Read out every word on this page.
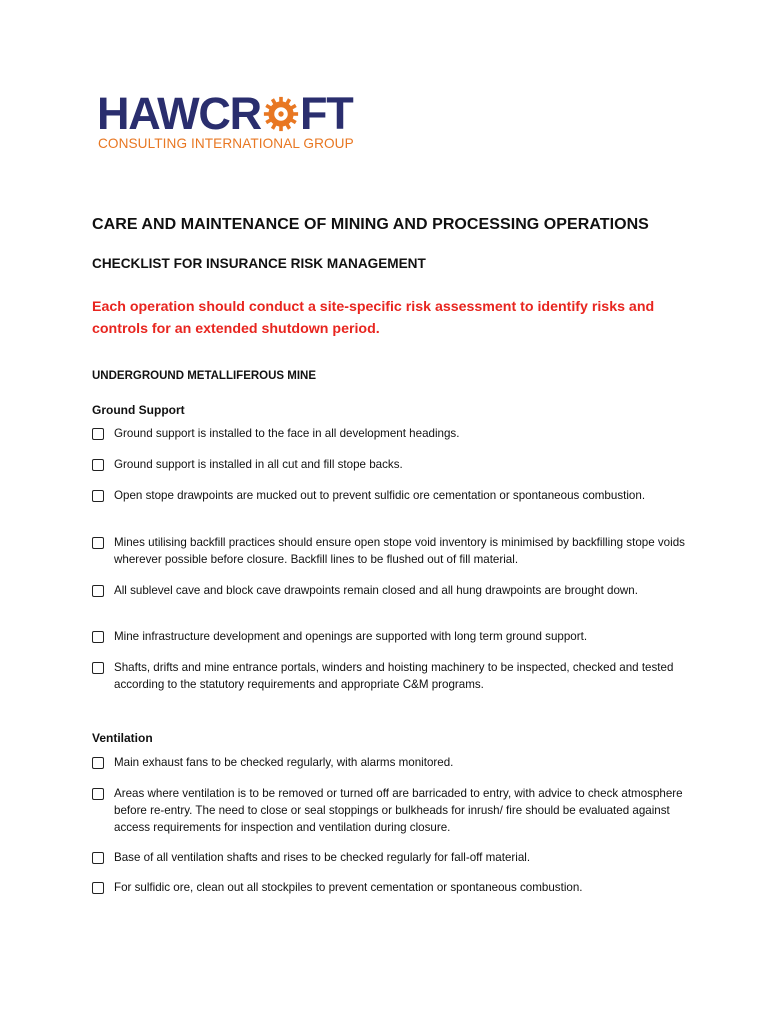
HAWCR FT
CONSULTING INTERNATIONAL GROUP
CARE AND MAINTENANCE OF MINING AND PROCESSING OPERATIONS
CHECKLIST FOR INSURANCE RISK MANAGEMENT

Each operation should conduct a site-specific risk assessment to identify risks and controls for an extended shutdown period.

UNDERGROUND METALLIFEROUS MINE
Ground Support
Ground support is installed to the face in all development headings.
Ground support is installed in all cut and fill stope backs.
Open stope drawpoints are mucked out to prevent sulfidic ore cementation or spontaneous combustion.
Mines utilising backfill practices should ensure open stope void inventory is minimised by backfilling stope voids wherever possible before closure. Backfill lines to be flushed out of fill material.
All sublevel cave and block cave drawpoints remain closed and all hung drawpoints are brought down.
Mine infrastructure development and openings are supported with long term ground support.
Shafts, drifts and mine entrance portals, winders and hoisting machinery to be inspected, checked and tested according to the statutory requirements and appropriate C&M programs.
Ventilation
Main exhaust fans to be checked regularly, with alarms monitored.
Areas where ventilation is to be removed or turned off are barricaded to entry, with advice to check atmosphere before re-entry. The need to close or seal stoppings or bulkheads for inrush/ fire should be evaluated against access requirements for inspection and ventilation during closure.
Base of all ventilation shafts and rises to be checked regularly for fall-off material.
For sulfidic ore, clean out all stockpiles to prevent cementation or spontaneous combustion.
